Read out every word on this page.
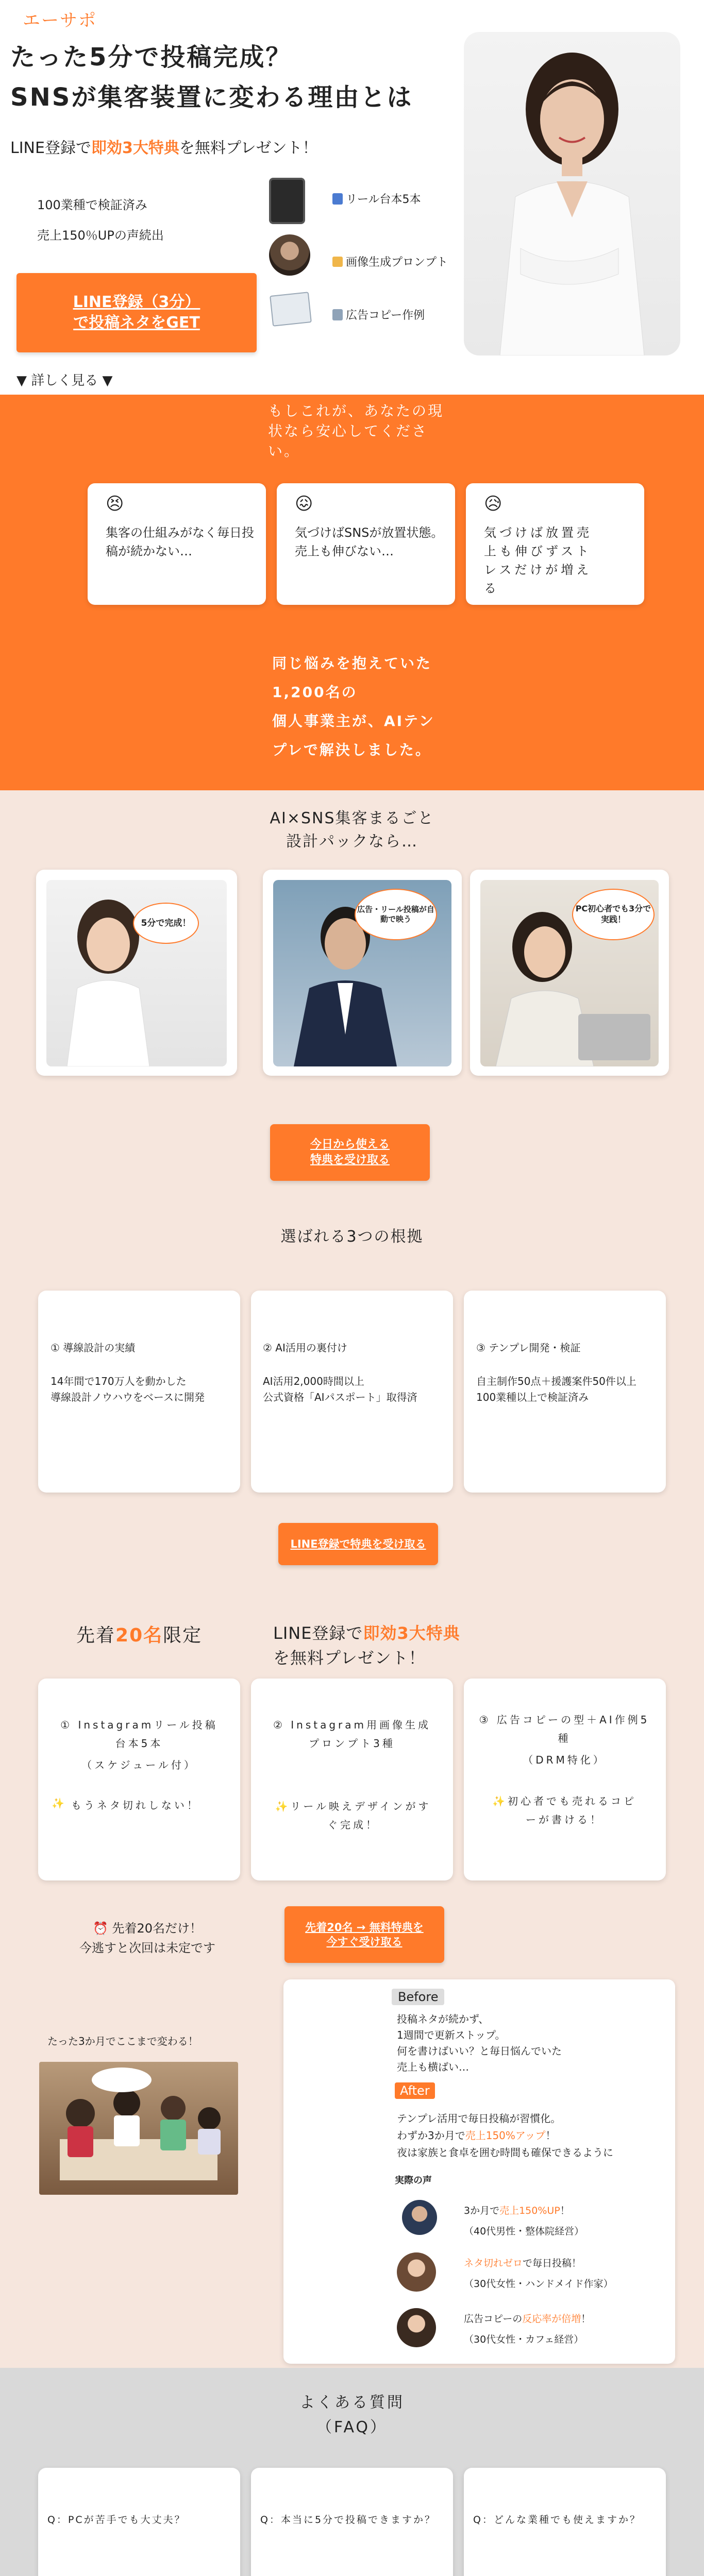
エーサポ
たった5分で投稿完成？
SNSが集客装置に変わる理由とは
LINE登録で即効3大特典を無料プレゼント！
100業種で検証済み
売上150％UPの声続出
リール台本5本
画像生成プロンプト
広告コピー作例
LINE登録（3分）
で投稿ネタをGET
▼ 詳しく見る ▼
もしこれが、あなたの現状なら安心してください。
😣
集客の仕組みがなく毎日投稿が続かない…
😖
気づけばSNSが放置状態。売上も伸びない…
😥
気づけば放置売上も伸びずストレスだけが増える
同じ悩みを抱えていた
1,200名の
個人事業主が、AIテン
プレで解決しました。
AI×SNS集客まるごと
設計パックなら…
5分で完成！
広告・リール投稿が自動で映う
PC初心者でも3分で実践！
今日から使える
特典を受け取る
選ばれる3つの根拠
① 導線設計の実績
14年間で170万人を動かした
導線設計ノウハウをベースに開発
② AI活用の裏付け
AI活用2,000時間以上
公式資格「AIパスポート」取得済
③ テンプレ開発・検証
自主制作50点＋援護案件50件以上
100業種以上で検証済み
LINE登録で特典を受け取る
先着20名限定	LINE登録で即効3大特典
を無料プレゼント！
① Instagramリール投稿台本5本
（スケジュール付）
✨ もうネタ切れしない！
② Instagram用画像生成プロンプト3種
✨リール映えデザインがすぐ完成！
③ 広告コピーの型＋AI作例5種
（DRM特化）
✨初心者でも売れるコピーが書ける！
⏰ 先着20名だけ！
今逃すと次回は未定です
先着20名 → 無料特典を
今すぐ受け取る
たった3か月でここまで変わる！
Before
投稿ネタが続かず、
1週間で更新ストップ。
何を書けばいい？と毎日悩んでいた
売上も横ばい…
After
テンプレ活用で毎日投稿が習慣化。
わずか3か月で売上150%アップ！
夜は家族と食卓を囲む時間も確保できるように
実際の声
3か月で売上150%UP！
（40代男性・整体院経営）
ネタ切れゼロで毎日投稿！
（30代女性・ハンドメイド作家）
広告コピーの反応率が倍増！
（30代女性・カフェ経営）
よくある質問
（FAQ）
Q：PCが苦手でも大丈夫？	Q：本当に5分で投稿できますか？	Q：どんな業種でも使えますか？
